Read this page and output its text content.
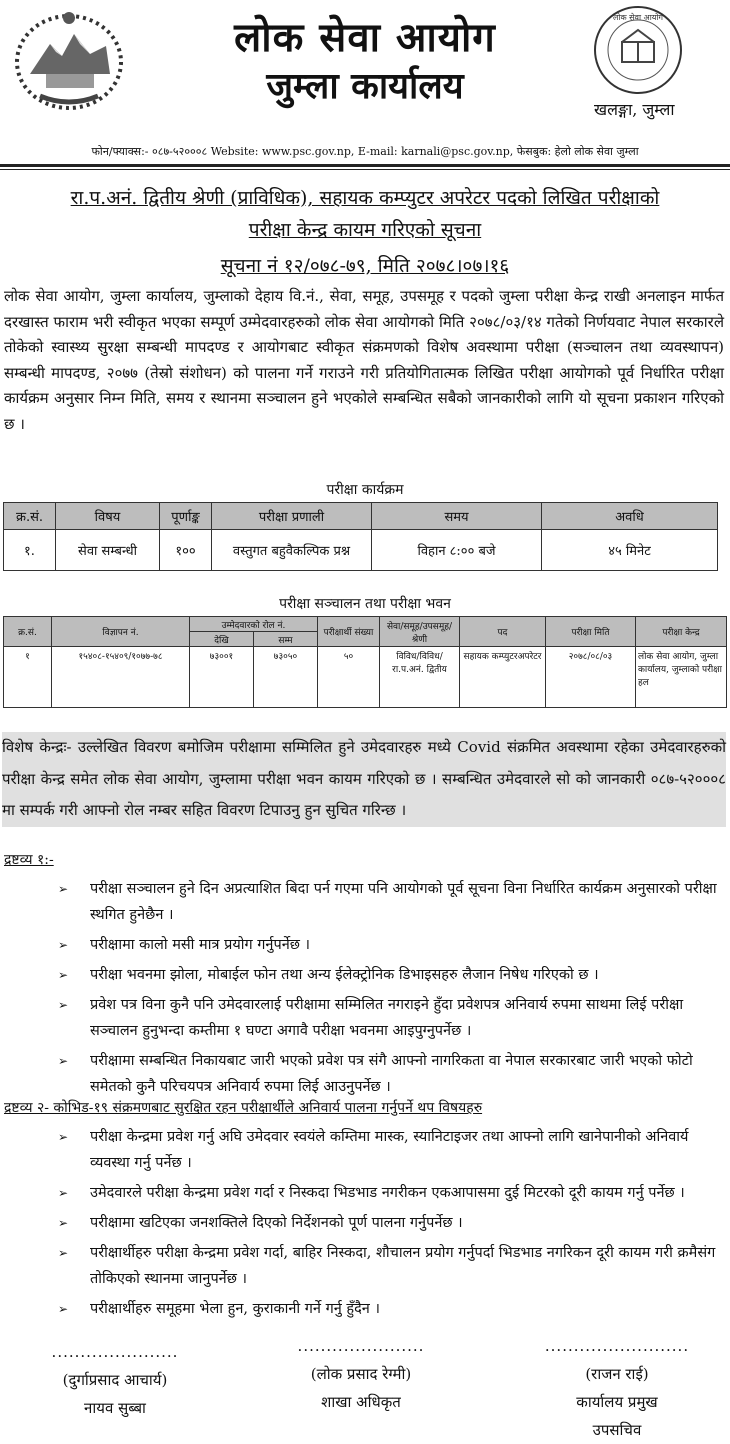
लोक सेवा आयोग
जुम्ला कार्यालय
लोक सेवा आयोग
खलङ्गा, जुम्ला
फोन/फ्याक्स:- ०८७-५२०००८ Website: www.psc.gov.np, E-mail: karnali@psc.gov.np, फेसबुक: हेलो लोक सेवा जुम्ला
रा.प.अनं. द्वितीय श्रेणी (प्राविधिक), सहायक कम्प्युटर अपरेटर पदको लिखित परीक्षाको
परीक्षा केन्द्र कायम गरिएको सूचना
सूचना नं १२/०७८-७९, मिति २०७८।०७।१६
लोक सेवा आयोग, जुम्ला कार्यालय, जुम्लाको देहाय वि.नं., सेवा, समूह, उपसमूह र पदको जुम्ला परीक्षा केन्द्र राखी अनलाइन मार्फत दरखास्त फाराम भरी स्वीकृत भएका सम्पूर्ण उम्मेदवारहरुको लोक सेवा आयोगको मिति २०७८/०३/१४ गतेको निर्णयवाट नेपाल सरकारले तोकेको स्वास्थ्य सुरक्षा सम्बन्धी मापदण्ड र आयोगबाट स्वीकृत संक्रमणको विशेष अवस्थामा परीक्षा (सञ्चालन तथा व्यवस्थापन) सम्बन्धी मापदण्ड, २०७७ (तेस्रो संशोधन) को पालना गर्ने गराउने गरी प्रतियोगितात्मक लिखित परीक्षा आयोगको पूर्व निर्धारित परीक्षा कार्यक्रम अनुसार निम्न मिति, समय र स्थानमा सञ्चालन हुने भएकोले सम्बन्धित सबैको जानकारीको लागि यो सूचना प्रकाशन गरिएको छ ।
परीक्षा कार्यक्रम
क्र.सं.	विषय	पूर्णाङ्क	परीक्षा प्रणाली	समय	अवधि
१.	सेवा सम्बन्धी	१००	वस्तुगत बहुवैकल्पिक प्रश्न	विहान ८:०० बजे	४५ मिनेट
परीक्षा सञ्चालन तथा परीक्षा भवन
क्र.सं.	विज्ञापन नं.	उम्मेदवारको रोल नं.		परीक्षार्थी संख्या	सेवा/समूह/उपसमूह/श्रेणी	पद	परीक्षा मिति	परीक्षा केन्द्र
		देखि	सम्म					
१	१५४०८-१५४०९/१०७७-७८	७३००१	७३०५०	५०	विविध/विविध/रा.प.अनं. द्वितीय	सहायक कम्प्युटरअपरेटर	२०७८/०८/०३	लोक सेवा आयोग, जुम्ला कार्यालय, जुम्लाको परीक्षा हल
विशेष केन्द्रः- उल्लेखित विवरण बमोजिम परीक्षामा सम्मिलित हुने उमेदवारहरु मध्ये Covid संक्रमित अवस्थामा रहेका उमेदवारहरुको परीक्षा केन्द्र समेत लोक सेवा आयोग, जुम्लामा परीक्षा भवन कायम गरिएको छ । सम्बन्धित उमेदवारले सो को जानकारी ०८७-५२०००८ मा सम्पर्क गरी आफ्नो रोल नम्बर सहित विवरण टिपाउनु हुन सुचित गरिन्छ ।
द्रष्टव्य १:-
➢ परीक्षा सञ्चालन हुने दिन अप्रत्याशित बिदा पर्न गएमा पनि आयोगको पूर्व सूचना विना निर्धारित कार्यक्रम अनुसारको परीक्षा स्थगित हुनेछैन ।
➢ परीक्षामा कालो मसी मात्र प्रयोग गर्नुपर्नेछ ।
➢ परीक्षा भवनमा झोला, मोबाईल फोन तथा अन्य ईलेक्ट्रोनिक डिभाइसहरु लैजान निषेध गरिएको छ ।
➢ प्रवेश पत्र विना कुनै पनि उमेदवारलाई परीक्षामा सम्मिलित नगराइने हुँदा प्रवेशपत्र अनिवार्य रुपमा साथमा लिई परीक्षा सञ्चालन हुनुभन्दा कम्तीमा १ घण्टा अगावै परीक्षा भवनमा आइपुग्नुपर्नेछ ।
➢ परीक्षामा सम्बन्धित निकायबाट जारी भएको प्रवेश पत्र संगै आफ्नो नागरिकता वा नेपाल सरकारबाट जारी भएको फोटो समेतको कुनै परिचयपत्र अनिवार्य रुपमा लिई आउनुपर्नेछ ।
द्रष्टव्य २- कोभिड-१९ संक्रमणबाट सुरक्षित रहन परीक्षार्थीले अनिवार्य पालना गर्नुपर्ने थप विषयहरु
➢ परीक्षा केन्द्रमा प्रवेश गर्नु अघि उमेदवार स्वयंले कम्तिमा मास्क, स्यानिटाइजर तथा आफ्नो लागि खानेपानीको अनिवार्य व्यवस्था गर्नु पर्नेछ ।
➢ उमेदवारले परीक्षा केन्द्रमा प्रवेश गर्दा र निस्कदा भिडभाड नगरीकन एकआपासमा दुई मिटरको दूरी कायम गर्नु पर्नेछ ।
➢ परीक्षामा खटिएका जनशक्तिले दिएको निर्देशनको पूर्ण पालना गर्नुपर्नेछ ।
➢ परीक्षार्थीहरु परीक्षा केन्द्रमा प्रवेश गर्दा, बाहिर निस्कदा, शौचालन प्रयोग गर्नुपर्दा भिडभाड नगरिकन दूरी कायम गरी क्रमैसंग तोकिएको स्थानमा जानुपर्नेछ ।
➢ परीक्षार्थीहरु समूहमा भेला हुन, कुराकानी गर्ने गर्नु हुँदैन ।
......................
(दुर्गाप्रसाद आचार्य)
नायव सुब्बा
......................
(लोक प्रसाद रेग्मी)
शाखा अधिकृत
.........................
(राजन राई)
कार्यालय प्रमुख
उपसचिव
